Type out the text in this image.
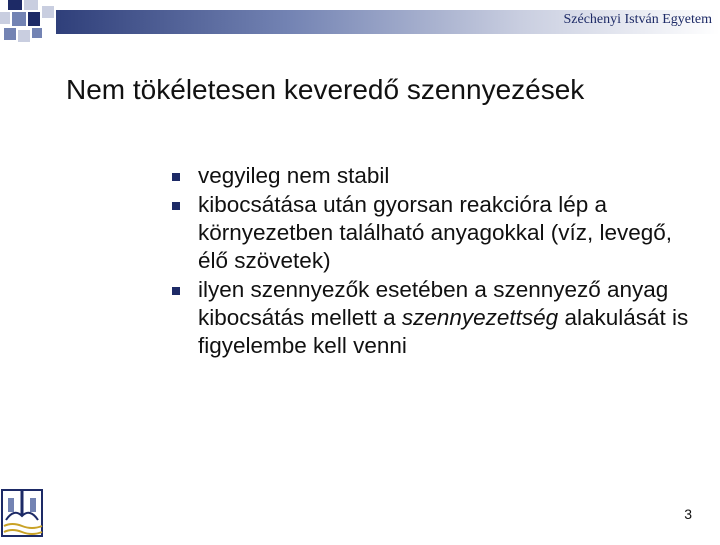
Széchenyi István Egyetem
Nem tökéletesen keveredő szennyezések
vegyileg nem stabil
kibocsátása után gyorsan reakcióra lép a környezetben található anyagokkal (víz, levegő, élő szövetek)
ilyen szennyezők esetében a szennyező anyag kibocsátás mellett a szennyezettség alakulását is figyelembe kell venni
3
